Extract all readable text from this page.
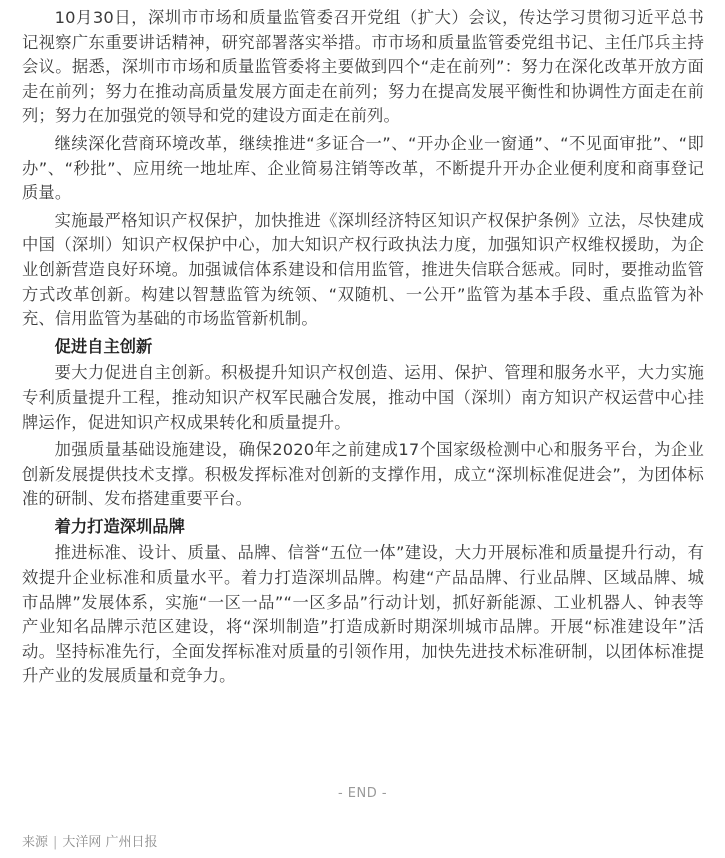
10月30日，深圳市市场和质量监管委召开党组（扩大）会议，传达学习贯彻习近平总书记视察广东重要讲话精神，研究部署落实举措。市市场和质量监管委党组书记、主任邝兵主持会议。据悉，深圳市市场和质量监管委将主要做到四个“走在前列”：努力在深化改革开放方面走在前列；努力在推动高质量发展方面走在前列；努力在提高发展平衡性和协调性方面走在前列；努力在加强党的领导和党的建设方面走在前列。

继续深化营商环境改革，继续推进“多证合一”、“开办企业一窗通”、“不见面审批”、“即办”、“秒批”、应用统一地址库、企业简易注销等改革，不断提升开办企业便利度和商事登记质量。

实施最严格知识产权保护，加快推进《深圳经济特区知识产权保护条例》立法，尽快建成中国（深圳）知识产权保护中心，加大知识产权行政执法力度，加强知识产权维权援助，为企业创新营造良好环境。加强诚信体系建设和信用监管，推进失信联合惩戒。同时，要推动监管方式改革创新。构建以智慧监管为统领、“双随机、一公开”监管为基本手段、重点监管为补充、信用监管为基础的市场监管新机制。

促进自主创新

要大力促进自主创新。积极提升知识产权创造、运用、保护、管理和服务水平，大力实施专利质量提升工程，推动知识产权军民融合发展，推动中国（深圳）南方知识产权运营中心挂牌运作，促进知识产权成果转化和质量提升。

加强质量基础设施建设，确保2020年之前建成17个国家级检测中心和服务平台，为企业创新发展提供技术支撑。积极发挥标准对创新的支撑作用，成立“深圳标准促进会”，为团体标准的研制、发布搭建重要平台。

着力打造深圳品牌

推进标准、设计、质量、品牌、信誉“五位一体”建设，大力开展标准和质量提升行动，有效提升企业标准和质量水平。着力打造深圳品牌。构建“产品品牌、行业品牌、区域品牌、城市品牌”发展体系，实施“一区一品”“一区多品”行动计划，抓好新能源、工业机器人、钟表等产业知名品牌示范区建设，将“深圳制造”打造成新时期深圳城市品牌。开展“标准建设年”活动。坚持标准先行，全面发挥标准对质量的引领作用，加快先进技术标准研制，以团体标准提升产业的发展质量和竞争力。

- END -
来源 | 大洋网 广州日报
